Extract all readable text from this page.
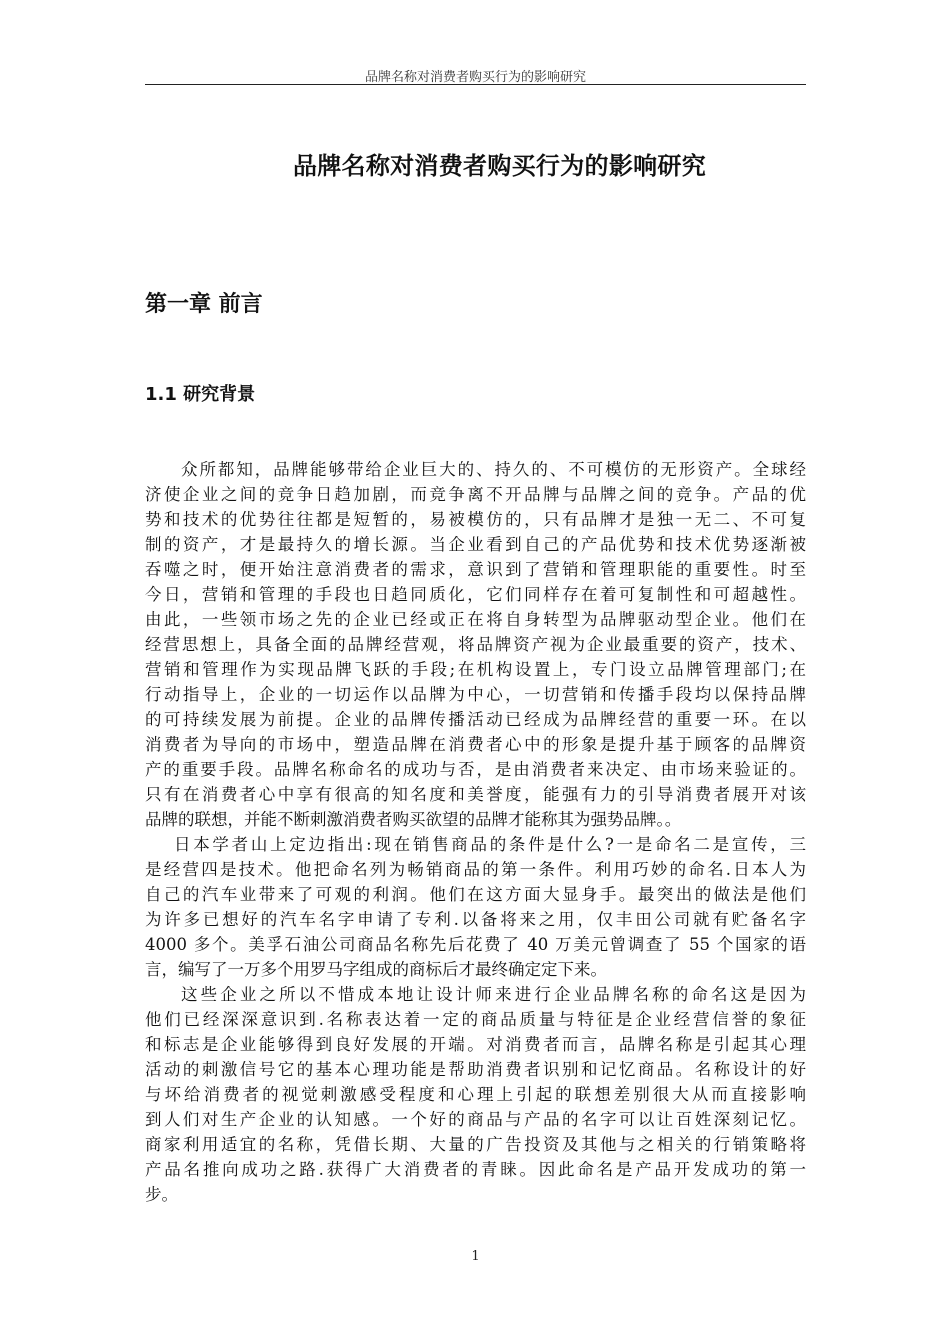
品牌名称对消费者购买行为的影响研究
品牌名称对消费者购买行为的影响研究
第一章 前言
1.1 研究背景
众所都知，品牌能够带给企业巨大的、持久的、不可模仿的无形资产。全球经
济使企业之间的竞争日趋加剧，而竞争离不开品牌与品牌之间的竞争。产品的优
势和技术的优势往往都是短暂的，易被模仿的，只有品牌才是独一无二、不可复
制的资产，才是最持久的增长源。当企业看到自己的产品优势和技术优势逐渐被
吞噬之时，便开始注意消费者的需求，意识到了营销和管理职能的重要性。时至
今日，营销和管理的手段也日趋同质化，它们同样存在着可复制性和可超越性。
由此，一些领市场之先的企业已经或正在将自身转型为品牌驱动型企业。他们在
经营思想上，具备全面的品牌经营观，将品牌资产视为企业最重要的资产，技术、
营销和管理作为实现品牌飞跃的手段;在机构设置上，专门设立品牌管理部门;在
行动指导上，企业的一切运作以品牌为中心，一切营销和传播手段均以保持品牌
的可持续发展为前提。企业的品牌传播活动已经成为品牌经营的重要一环。在以
消费者为导向的市场中，塑造品牌在消费者心中的形象是提升基于顾客的品牌资
产的重要手段。品牌名称命名的成功与否，是由消费者来决定、由市场来验证的。
只有在消费者心中享有很高的知名度和美誉度，能强有力的引导消费者展开对该
品牌的联想，并能不断刺激消费者购买欲望的品牌才能称其为强势品牌。。
日本学者山上定边指出:现在销售商品的条件是什么?一是命名二是宣传，三
是经营四是技术。他把命名列为畅销商品的第一条件。利用巧妙的命名.日本人为
自己的汽车业带来了可观的利润。他们在这方面大显身手。最突出的做法是他们
为许多已想好的汽车名字申请了专利.以备将来之用，仅丰田公司就有贮备名字
4000 多个。美孚石油公司商品名称先后花费了 40 万美元曾调查了 55 个国家的语
言，编写了一万多个用罗马字组成的商标后才最终确定定下来。
这些企业之所以不惜成本地让设计师来进行企业品牌名称的命名这是因为
他们已经深深意识到.名称表达着一定的商品质量与特征是企业经营信誉的象征
和标志是企业能够得到良好发展的开端。对消费者而言，品牌名称是引起其心理
活动的刺激信号它的基本心理功能是帮助消费者识别和记忆商品。名称设计的好
与坏给消费者的视觉刺激感受程度和心理上引起的联想差别很大从而直接影响
到人们对生产企业的认知感。一个好的商品与产品的名字可以让百姓深刻记忆。
商家利用适宜的名称，凭借长期、大量的广告投资及其他与之相关的行销策略将
产品名推向成功之路.获得广大消费者的青睐。因此命名是产品开发成功的第一
步。
1
